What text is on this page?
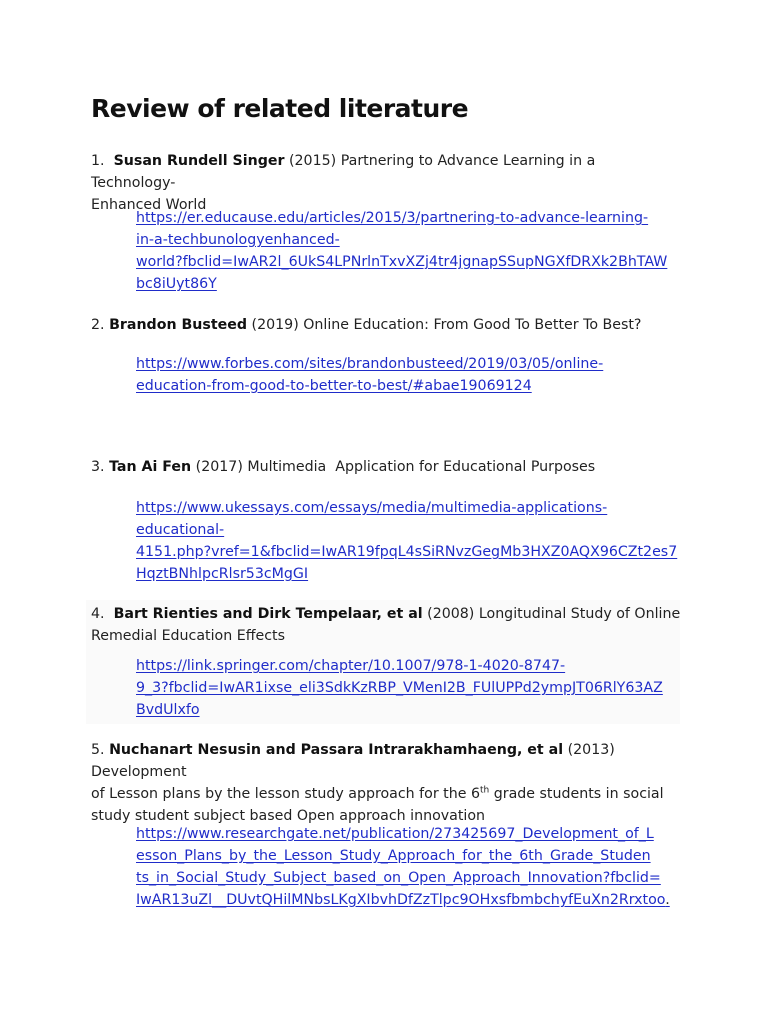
Review of related literature
1. Susan Rundell Singer (2015) Partnering to Advance Learning in a Technology-
Enhanced World
https://er.educause.edu/articles/2015/3/partnering-to-advance-learning-
in-a-techbunologyenhanced-
world?fbclid=IwAR2l_6UkS4LPNrlnTxvXZj4tr4jgnapSSupNGXfDRXk2BhTAW
bc8iUyt86Y
2. Brandon Busteed (2019) Online Education: From Good To Better To Best?
https://www.forbes.com/sites/brandonbusteed/2019/03/05/online-
education-from-good-to-better-to-best/#abae19069124
3. Tan Ai Fen (2017) Multimedia  Application for Educational Purposes
https://www.ukessays.com/essays/media/multimedia-applications-
educational-
4151.php?vref=1&fbclid=IwAR19fpqL4sSiRNvzGegMb3HXZ0AQX96CZt2es7
HqztBNhlpcRlsr53cMgGI
4. Bart Rienties and Dirk Tempelaar, et al (2008) Longitudinal Study of Online
Remedial Education Effects
https://link.springer.com/chapter/10.1007/978-1-4020-8747-
9_3?fbclid=IwAR1ixse_eli3SdkKzRBP_VMenI2B_FUlUPPd2ympJT06RlY63AZ
BvdUlxfo
5. Nuchanart Nesusin and Passara Intrarakhamhaeng, et al (2013) Development
of Lesson plans by the lesson study approach for the 6th grade students in social
study student subject based Open approach innovation
https://www.researchgate.net/publication/273425697_Development_of_L
esson_Plans_by_the_Lesson_Study_Approach_for_the_6th_Grade_Studen
ts_in_Social_Study_Subject_based_on_Open_Approach_Innovation?fbclid=
IwAR13uZl__DUvtQHilMNbsLKgXIbvhDfZzTlpc9OHxsfbmbchyfEuXn2Rrxtoo.
